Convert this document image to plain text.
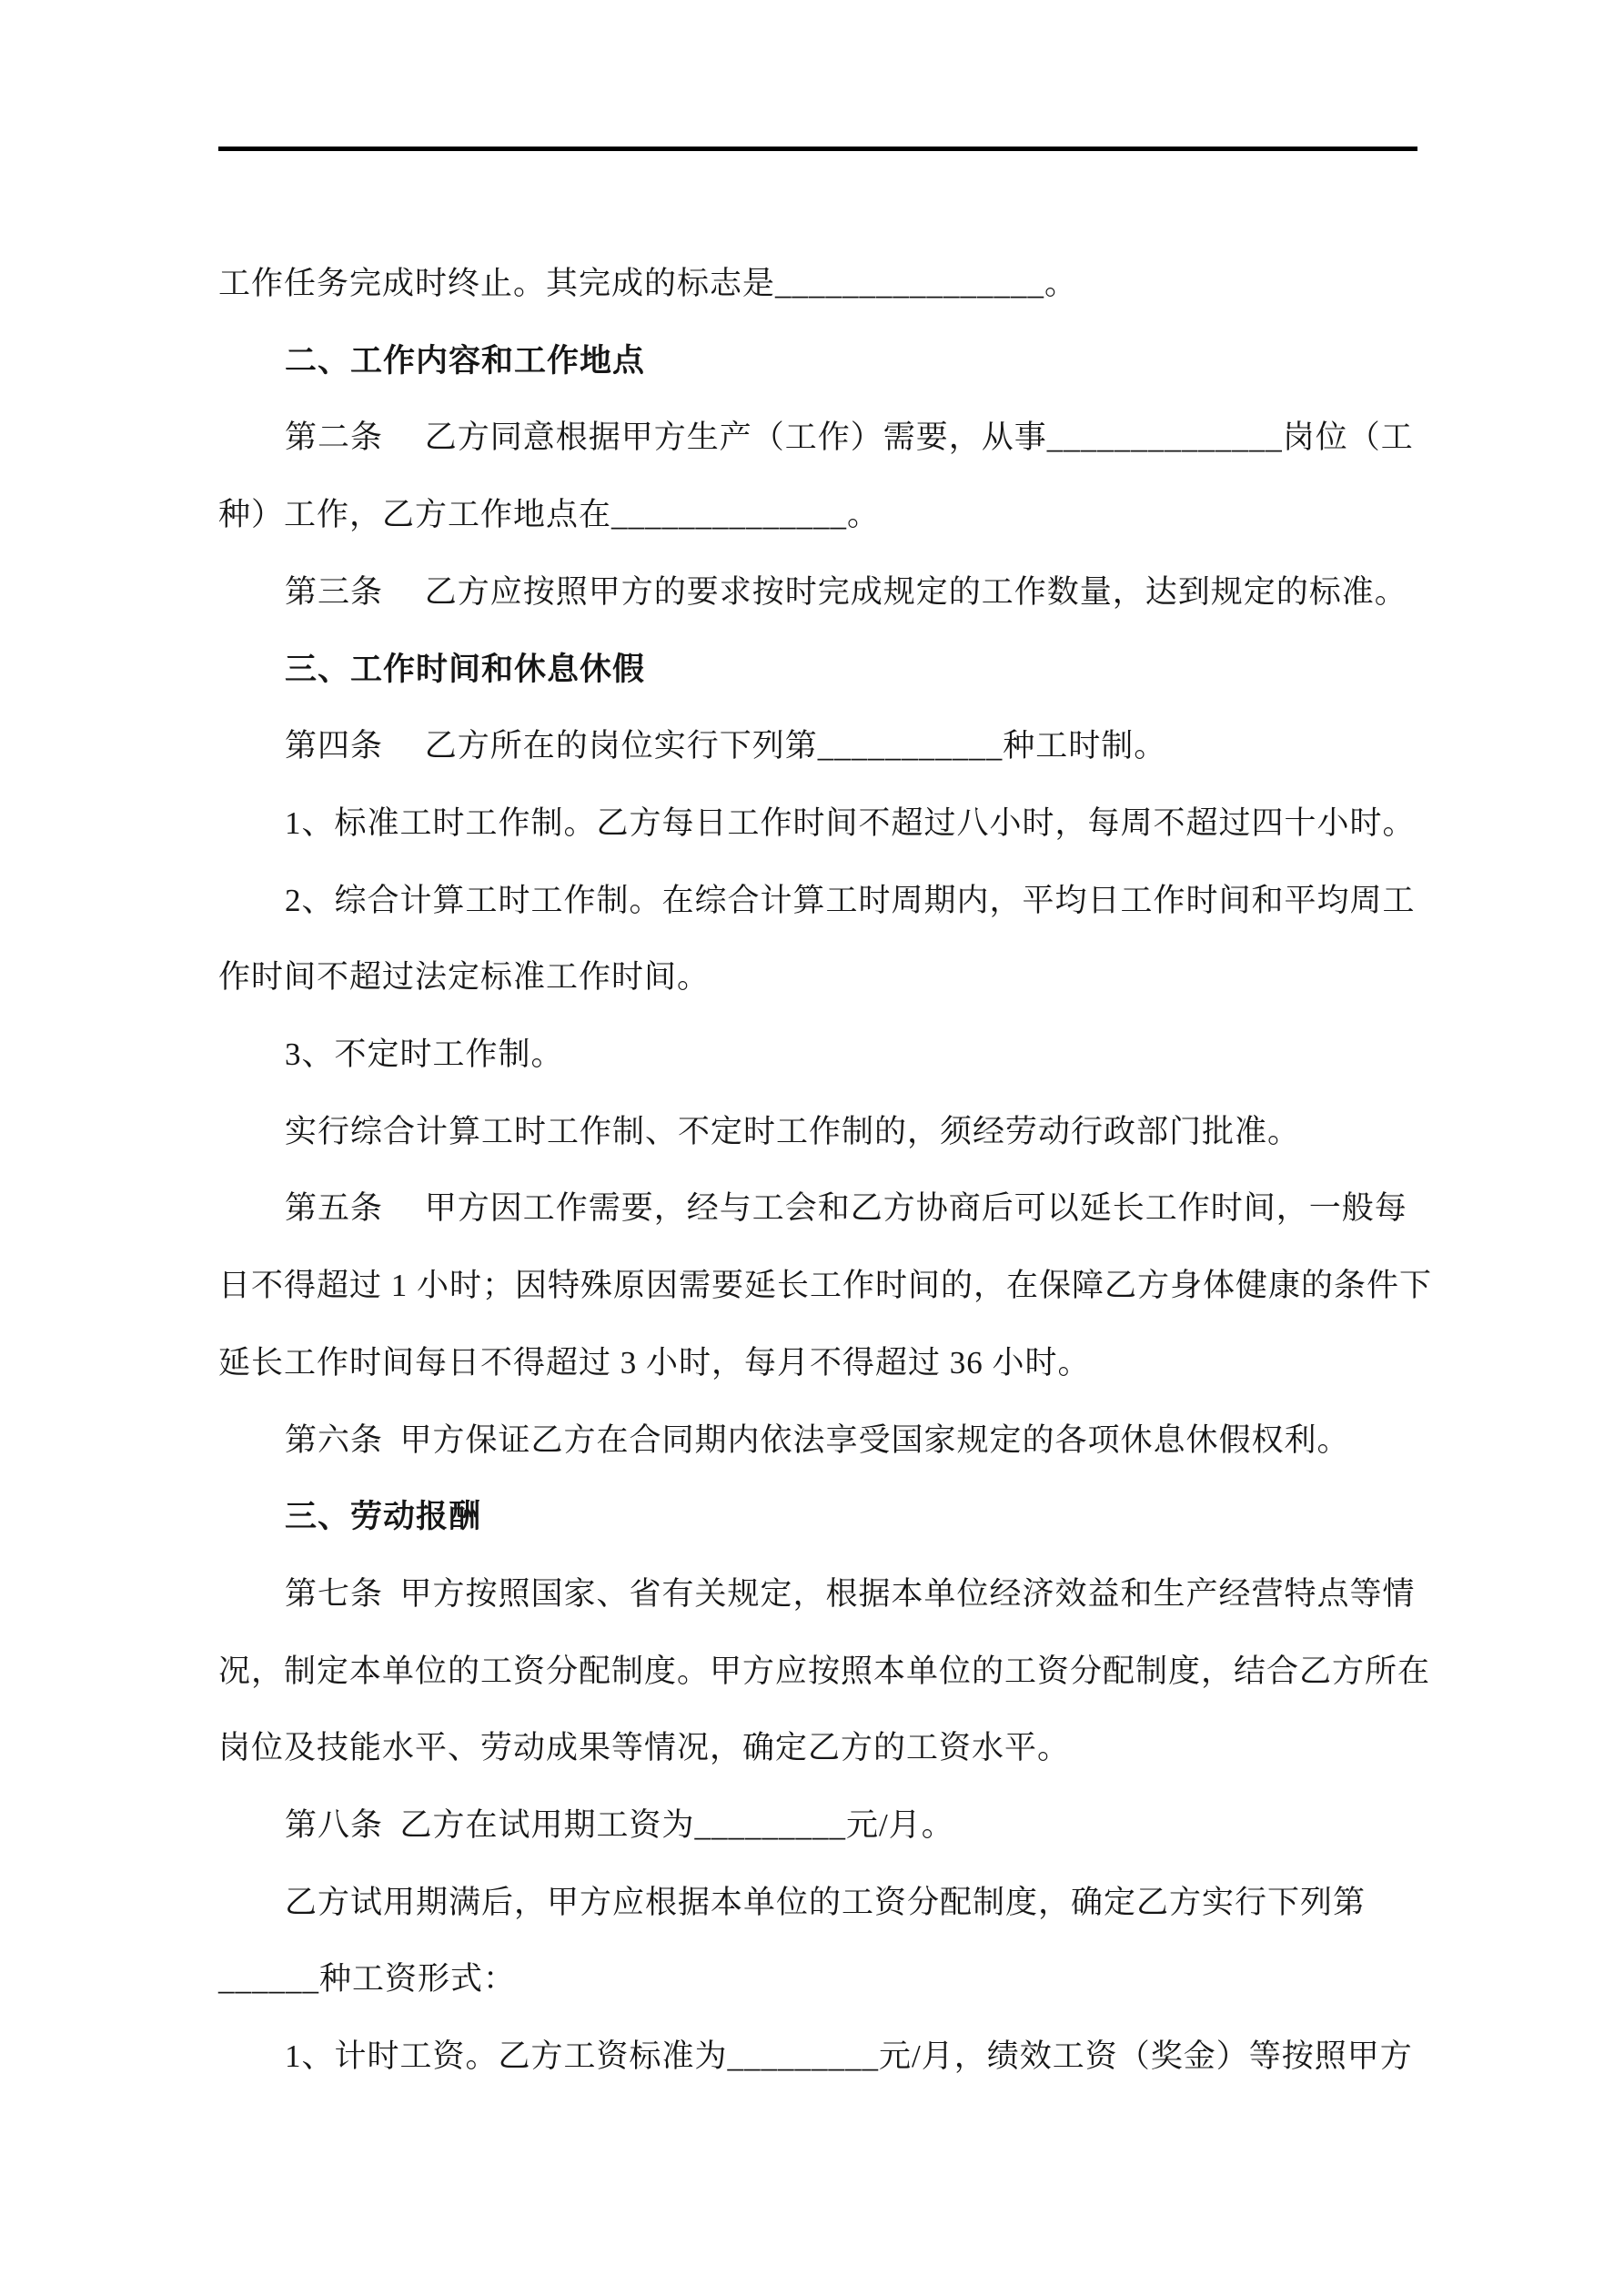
工作任务完成时终止。其完成的标志是________________。

二、工作内容和工作地点

第二条　 乙方同意根据甲方生产（工作）需要，从事______________岗位（工

种）工作，乙方工作地点在______________。

第三条　 乙方应按照甲方的要求按时完成规定的工作数量，达到规定的标准。

三、工作时间和休息休假

第四条　 乙方所在的岗位实行下列第___________种工时制。

1、标准工时工作制。乙方每日工作时间不超过八小时，每周不超过四十小时。

2、综合计算工时工作制。在综合计算工时周期内，平均日工作时间和平均周工

作时间不超过法定标准工作时间。

3、不定时工作制。

实行综合计算工时工作制、不定时工作制的，须经劳动行政部门批准。

第五条　 甲方因工作需要，经与工会和乙方协商后可以延长工作时间，一般每

日不得超过 1 小时；因特殊原因需要延长工作时间的，在保障乙方身体健康的条件下

延长工作时间每日不得超过 3 小时，每月不得超过 36 小时。

第六条 甲方保证乙方在合同期内依法享受国家规定的各项休息休假权利。

三、劳动报酬

第七条 甲方按照国家、省有关规定，根据本单位经济效益和生产经营特点等情

况，制定本单位的工资分配制度。甲方应按照本单位的工资分配制度，结合乙方所在

岗位及技能水平、劳动成果等情况，确定乙方的工资水平。

第八条 乙方在试用期工资为_________元/月。

乙方试用期满后，甲方应根据本单位的工资分配制度，确定乙方实行下列第

______种工资形式：

1、计时工资。乙方工资标准为_________元/月，绩效工资（奖金）等按照甲方
